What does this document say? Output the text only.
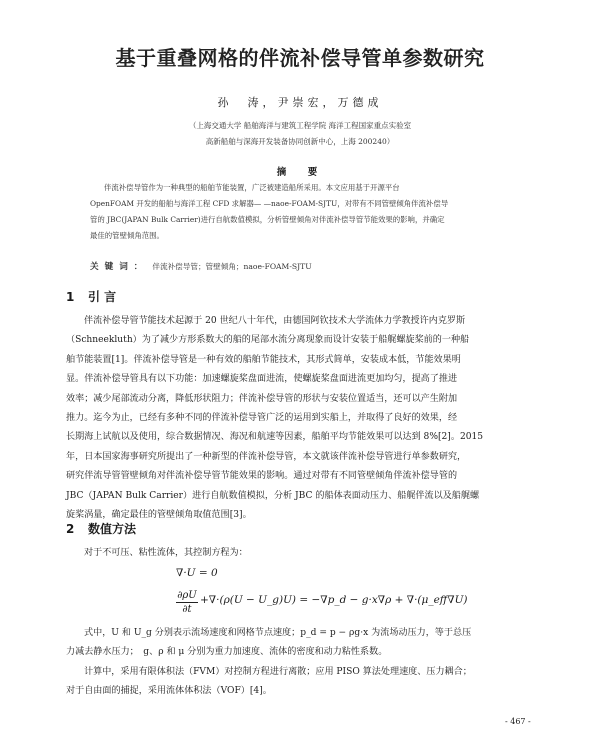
基于重叠网格的伴流补偿导管单参数研究
孙　涛，尹崇宏，万德成
（上海交通大学 船舶海洋与建筑工程学院 海洋工程国家重点实验室
高新船舶与深海开发装备协同创新中心，上海 200240）
摘　要
伴流补偿导管作为一种典型的船舶节能装置，广泛被建造船所采用。本文应用基于开源平台
OpenFOAM 开发的船舶与海洋工程 CFD 求解器— —naoe-FOAM-SJTU，对带有不同管壁倾角伴流补偿导
管的 JBC(JAPAN Bulk Carrier)进行自航数值模拟，分析管壁倾角对伴流补偿导管节能效果的影响，并确定
最佳的管壁倾角范围。
关键词： 伴流补偿导管；管壁倾角；naoe-FOAM-SJTU
1 引 言
伴流补偿导管节能技术起源于 20 世纪八十年代，由德国阿钦技术大学流体力学教授许内克罗斯
（Schneekluth）为了减少方形系数大的船的尾部水流分离现象而设计安装于船艉螺旋桨前的一种船
舶节能装置[1]。伴流补偿导管是一种有效的船舶节能技术，其形式简单，安装成本低，节能效果明
显。伴流补偿导管具有以下功能：加速螺旋桨盘面进流，使螺旋桨盘面进流更加均匀，提高了推进
效率；减少尾部流动分离，降低形状阻力；伴流补偿导管的形状与安装位置适当，还可以产生附加
推力。迄今为止，已经有多种不同的伴流补偿导管广泛的运用到实船上，并取得了良好的效果，经
长期海上试航以及使用，综合数据情况、海况和航速等因素，船舶平均节能效果可以达到 8%[2]。2015
年，日本国家海事研究所提出了一种新型的伴流补偿导管，本文就该伴流补偿导管进行单参数研究，
研究伴流导管管壁倾角对伴流补偿导管节能效果的影响。通过对带有不同管壁倾角伴流补偿导管的
JBC（JAPAN Bulk Carrier）进行自航数值模拟，分析 JBC 的船体表面动压力、船艉伴流以及船艉螺
旋桨涡量，确定最佳的管壁倾角取值范围[3]。
2 数值方法
对于不可压、粘性流体，其控制方程为：
∇·U = 0
∂ρU
∂t
+∇·(ρ(U − U_g)U) = −∇p_d − g·x∇ρ + ∇·(μ_eff∇U)
式中，U 和 U_g 分别表示流场速度和网格节点速度；p_d = p − ρg·x 为流场动压力，等于总压
力减去静水压力；　g、ρ 和 μ 分别为重力加速度、流体的密度和动力粘性系数。
计算中，采用有限体积法（FVM）对控制方程进行离散；应用 PISO 算法处理速度、压力耦合；
对于自由面的捕捉，采用流体体积法（VOF）[4]。
- 467 -
